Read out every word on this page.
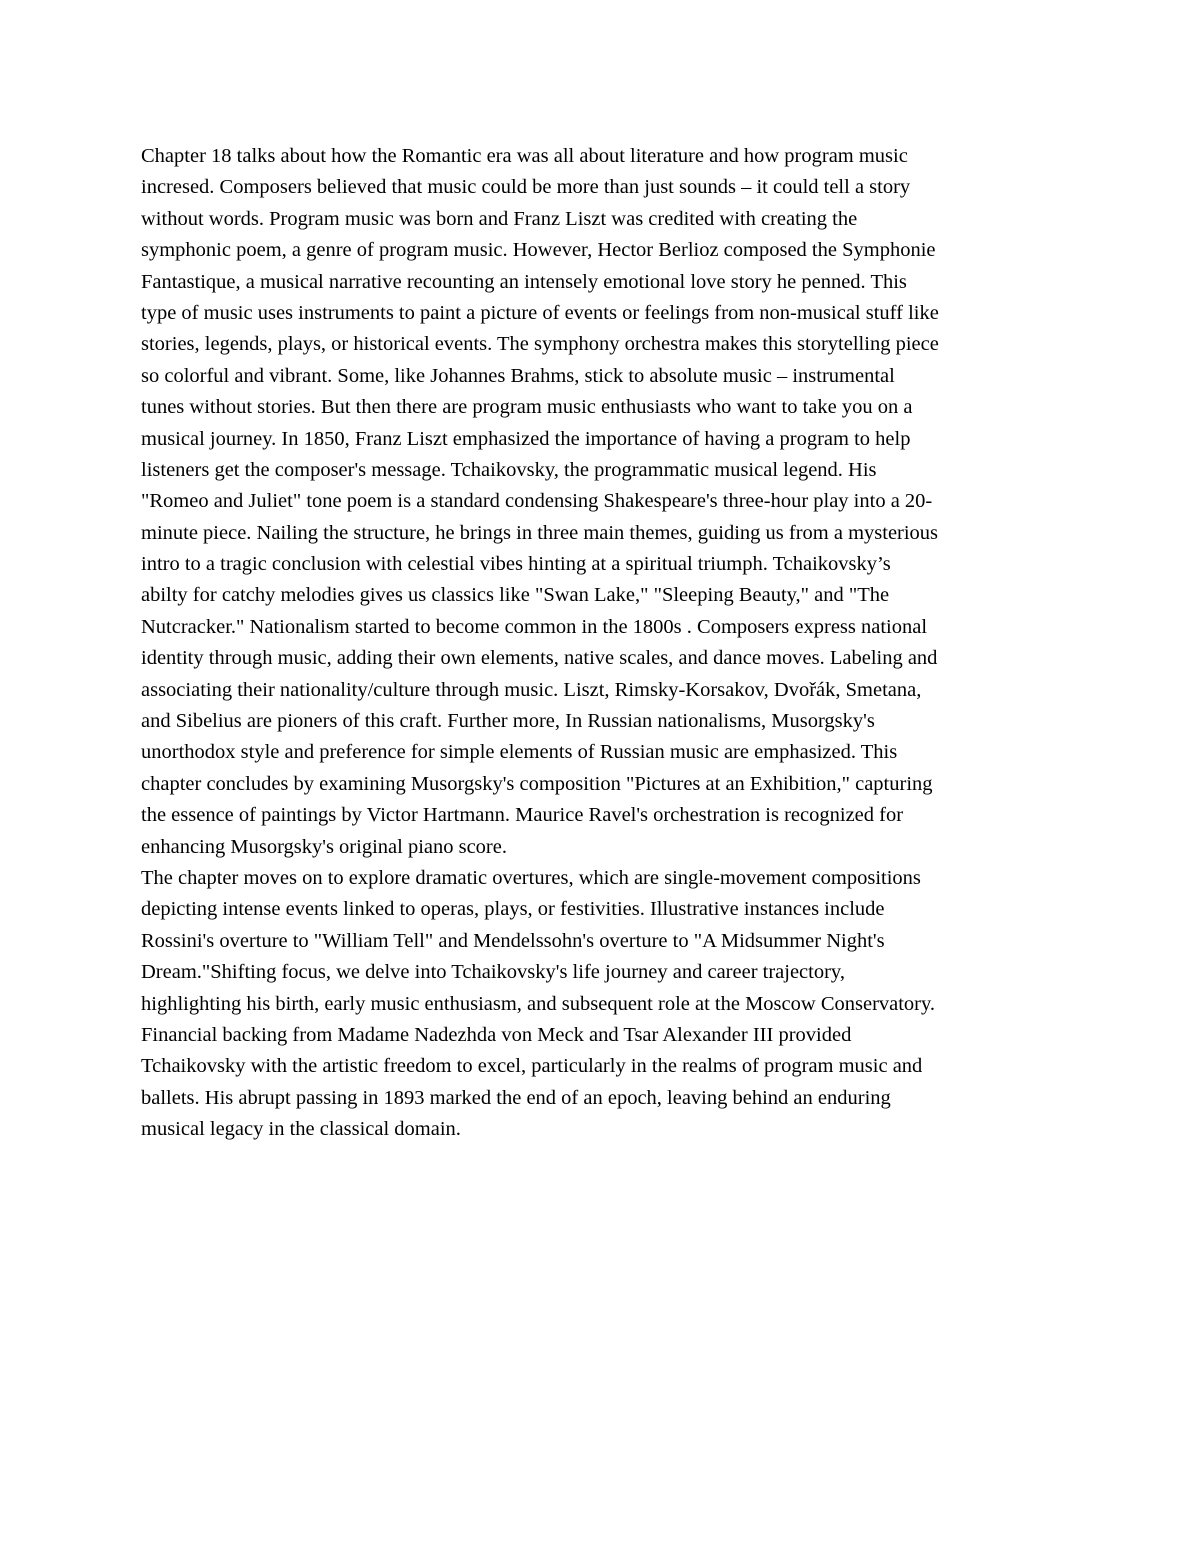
Chapter 18 talks about how the Romantic era was all about literature and how program music
incresed. Composers believed that music could be more than just sounds – it could tell a story
without words. Program music was born and Franz Liszt was credited with creating the
symphonic poem, a genre of program music. However, Hector Berlioz composed the Symphonie
Fantastique, a musical narrative recounting an intensely emotional love story he penned. This
type of music uses instruments to paint a picture of events or feelings from non-musical stuff like
stories, legends, plays, or historical events. The symphony orchestra makes this storytelling piece
so colorful and vibrant. Some, like Johannes Brahms, stick to absolute music – instrumental
tunes without stories. But then there are program music enthusiasts who want to take you on a
musical journey. In 1850, Franz Liszt emphasized the importance of having a program to help
listeners get the composer's message. Tchaikovsky, the programmatic musical legend. His
"Romeo and Juliet" tone poem is a standard condensing Shakespeare's three-hour play into a 20-
minute piece. Nailing the structure, he brings in three main themes, guiding us from a mysterious
intro to a tragic conclusion with celestial vibes hinting at a spiritual triumph. Tchaikovsky’s
abilty for catchy melodies gives us classics like "Swan Lake," "Sleeping Beauty," and "The
Nutcracker." Nationalism started to become common in the 1800s . Composers express national
identity through music, adding their own elements, native scales, and dance moves. Labeling and
associating their nationality/culture through music. Liszt, Rimsky-Korsakov, Dvořák, Smetana,
and Sibelius are pioners of this craft. Further more, In Russian nationalisms, Musorgsky's
unorthodox style and preference for simple elements of Russian music are emphasized. This
chapter concludes by examining Musorgsky's composition "Pictures at an Exhibition," capturing
the essence of paintings by Victor Hartmann. Maurice Ravel's orchestration is recognized for
enhancing Musorgsky's original piano score.
The chapter moves on to explore dramatic overtures, which are single-movement compositions
depicting intense events linked to operas, plays, or festivities. Illustrative instances include
Rossini's overture to "William Tell" and Mendelssohn's overture to "A Midsummer Night's
Dream."Shifting focus, we delve into Tchaikovsky's life journey and career trajectory,
highlighting his birth, early music enthusiasm, and subsequent role at the Moscow Conservatory.
Financial backing from Madame Nadezhda von Meck and Tsar Alexander III provided
Tchaikovsky with the artistic freedom to excel, particularly in the realms of program music and
ballets. His abrupt passing in 1893 marked the end of an epoch, leaving behind an enduring
musical legacy in the classical domain.
